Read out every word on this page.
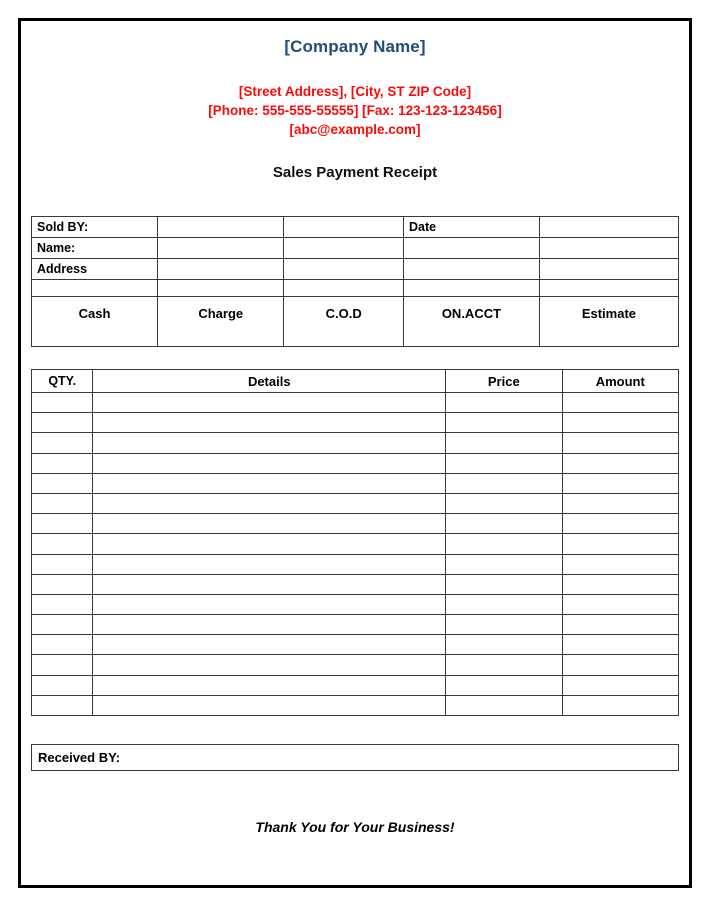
[Company Name]
[Street Address], [City, ST ZIP Code]
[Phone: 555-555-55555] [Fax: 123-123-123456]
[abc@example.com]
Sales Payment Receipt
Sold BY:			Date	
Name:				
Address				

Cash	Charge	C.O.D	ON.ACCT	Estimate
QTY.	Details	Price	Amount

Received BY:
Thank You for Your Business!
